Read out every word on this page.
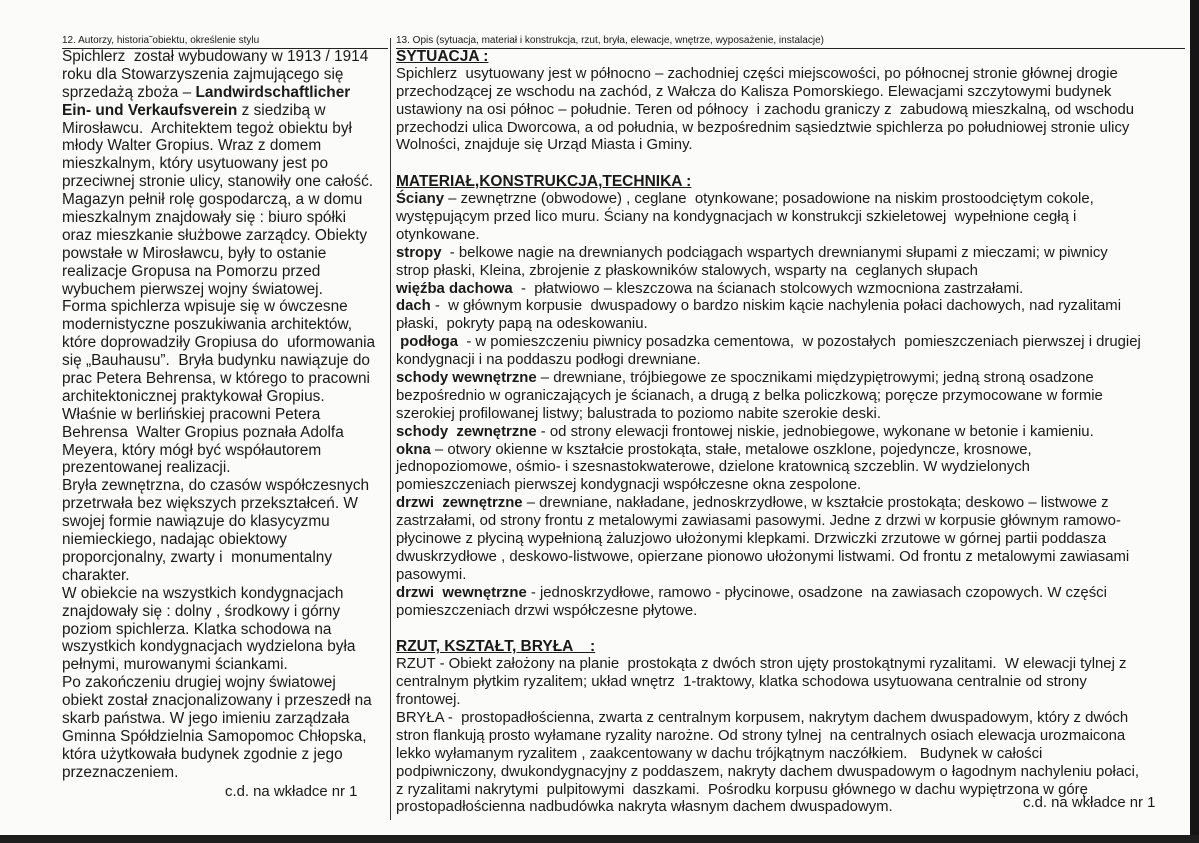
12. Autorzy, historia˜obiektu, określenie stylu	13. Opis (sytuacja, materiał i konstrukcja, rzut, bryła, elewacje, wnętrze, wyposażenie, instalacje)
Spichlerz  został wybudowany w 1913 / 1914
roku dla Stowarzyszenia zajmującego się
sprzedażą zboża – Landwirdschaftlicher
Ein- und Verkaufsverein z siedzibą w
Mirosławcu.  Architektem tegoż obiektu był
młody Walter Gropius. Wraz z domem
mieszkalnym, który usytuowany jest po
przeciwnej stronie ulicy, stanowiły one całość.
Magazyn pełnił rolę gospodarczą, a w domu
mieszkalnym znajdowały się : biuro spółki
oraz mieszkanie służbowe zarządcy. Obiekty
powstałe w Mirosławcu, były to ostanie
realizacje Gropusa na Pomorzu przed
wybuchem pierwszej wojny światowej.
Forma spichlerza wpisuje się w ówczesne
modernistyczne poszukiwania architektów,
które doprowadziły Gropiusa do  uformowania
się „Bauhausu”.  Bryła budynku nawiązuje do
prac Petera Behrensa, w którego to pracowni
architektonicznej praktykował Gropius.
Właśnie w berlińskiej pracowni Petera
Behrensa  Walter Gropius poznała Adolfa
Meyera, który mógł być współautorem
prezentowanej realizacji.
Bryła zewnętrzna, do czasów współczesnych
przetrwała bez większych przekształceń. W
swojej formie nawiązuje do klasycyzmu
niemieckiego, nadając obiektowy
proporcjonalny, zwarty i  monumentalny
charakter.
W obiekcie na wszystkich kondygnacjach
znajdowały się : dolny , środkowy i górny
poziom spichlerza. Klatka schodowa na
wszystkich kondygnacjach wydzielona była
pełnymi, murowanymi ściankami.
Po zakończeniu drugiej wojny światowej
obiekt został znacjonalizowany i przeszedł na
skarb państwa. W jego imieniu zarządzała
Gminna Spółdzielnia Samopomoc Chłopska,
która użytkowała budynek zgodnie z jego
przeznaczeniem.
SYTUACJA :
Spichlerz  usytuowany jest w północno – zachodniej części miejscowości, po północnej stronie głównej drogie
przechodzącej ze wschodu na zachód, z Wałcza do Kalisza Pomorskiego. Elewacjami szczytowymi budynek
ustawiony na osi północ – południe. Teren od północy  i zachodu graniczy z  zabudową mieszkalną, od wschodu
przechodzi ulica Dworcowa, a od południa, w bezpośrednim sąsiedztwie spichlerza po południowej stronie ulicy
Wolności, znajduje się Urząd Miasta i Gminy.
MATERIAŁ,KONSTRUKCJA,TECHNIKA :
Ściany – zewnętrzne (obwodowe) , ceglane  otynkowane; posadowione na niskim prostoodciętym cokole,
występującym przed lico muru. Ściany na kondygnacjach w konstrukcji szkieletowej  wypełnione cegłą i
otynkowane.
stropy  - belkowe nagie na drewnianych podciągach wspartych drewnianymi słupami z mieczami; w piwnicy
strop płaski, Kleina, zbrojenie z płaskowników stalowych, wsparty na  ceglanych słupach
więźba dachowa  -  płatwiowo – kleszczowa na ścianach stolcowych wzmocniona zastrzałami.
dach -  w głównym korpusie  dwuspadowy o bardzo niskim kącie nachylenia połaci dachowych, nad ryzalitami
płaski,  pokryty papą na odeskowaniu.
podłoga  - w pomieszczeniu piwnicy posadzka cementowa,  w pozostałych  pomieszczeniach pierwszej i drugiej
kondygnacji i na poddaszu podłogi drewniane.
schody wewnętrzne – drewniane, trójbiegowe ze spocznikami międzypiętrowymi; jedną stroną osadzone
bezpośrednio w ograniczających je ścianach, a drugą z belka policzkową; poręcze przymocowane w formie
szerokiej profilowanej listwy; balustrada to poziomo nabite szerokie deski.
schody  zewnętrzne - od strony elewacji frontowej niskie, jednobiegowe, wykonane w betonie i kamieniu.
okna – otwory okienne w kształcie prostokąta, stałe, metalowe oszklone, pojedyncze, krosnowe,
jednopoziomowe, ośmio- i szesnastokwaterowe, dzielone kratownicą szczeblin. W wydzielonych
pomieszczeniach pierwszej kondygnacji współczesne okna zespolone.
drzwi  zewnętrzne – drewniane, nakładane, jednoskrzydłowe, w kształcie prostokąta; deskowo – listwowe z
zastrzałami, od strony frontu z metalowymi zawiasami pasowymi. Jedne z drzwi w korpusie głównym ramowo-
płycinowe z płyciną wypełnioną żaluzjowo ułożonymi klepkami. Drzwiczki zrzutowe w górnej partii poddasza
dwuskrzydłowe , deskowo-listwowe, opierzane pionowo ułożonymi listwami. Od frontu z metalowymi zawiasami
pasowymi.
drzwi  wewnętrzne - jednoskrzydłowe, ramowo - płycinowe, osadzone  na zawiasach czopowych. W części
pomieszczeniach drzwi współczesne płytowe.
RZUT, KSZTAŁT, BRYŁA    :
RZUT - Obiekt założony na planie  prostokąta z dwóch stron ujęty prostokątnymi ryzalitami.  W elewacji tylnej z
centralnym płytkim ryzalitem; układ wnętrz  1-traktowy, klatka schodowa usytuowana centralnie od strony
frontowej.
BRYŁA -  prostopadłościenna, zwarta z centralnym korpusem, nakrytym dachem dwuspadowym, który z dwóch
stron flankują prosto wyłamane ryzality narożne. Od strony tylnej  na centralnych osiach elewacja urozmaicona
lekko wyłamanym ryzalitem , zaakcentowany w dachu trójkątnym naczółkiem.   Budynek w całości
podpiwniczony, dwukondygnacyjny z poddaszem, nakryty dachem dwuspadowym o łagodnym nachyleniu połaci,
z ryzalitami nakrytymi  pulpitowymi  daszkami.  Pośrodku korpusu głównego w dachu wypiętrzona w górę
prostopadłościenna nadbudówka nakryta własnym dachem dwuspadowym.
c.d. na wkładce nr 1
c.d. na wkładce nr 1
